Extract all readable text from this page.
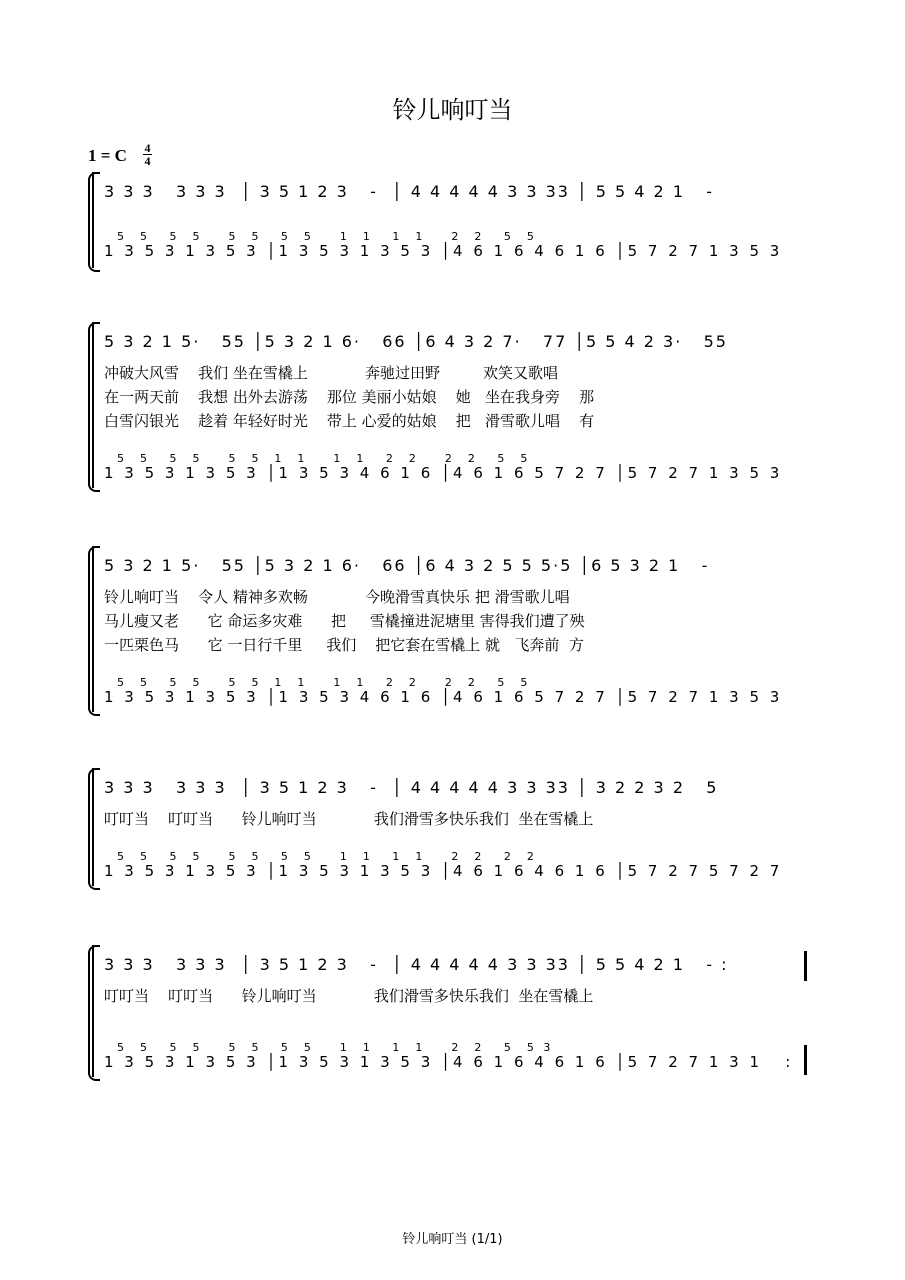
铃儿响叮当
1 = C 4
4
3 3 3   3 3 3  │ 3 5 1 2 3   -  │ 4 4 4 4 4 3 3 33 │ 5 5 4 2 1   -
5  5   5  5    5  5   5  5    1  1   1  1    2  2   5  5
1 3 5 3 1 3 5 3 │1 3 5 3 1 3 5 3 │4 6 1 6 4 6 1 6 │5 7 2 7 1 3 5 3
5 3 2 1 5·   55 │5 3 2 1 6·   66 │6 4 3 2 7·   77 │5 5 4 2 3·   55
冲破大风雪    我们 坐在雪橇上            奔驰过田野         欢笑又歌唱
在一两天前    我想 出外去游荡    那位 美丽小姑娘    她   坐在我身旁    那
白雪闪银光    趁着 年轻好时光    带上 心爱的姑娘    把   滑雪歌儿唱    有
5  5   5  5    5  5  1  1    1  1   2  2    2  2   5  5
1 3 5 3 1 3 5 3 │1 3 5 3 4 6 1 6 │4 6 1 6 5 7 2 7 │5 7 2 7 1 3 5 3
5 3 2 1 5·   55 │5 3 2 1 6·   66 │6 4 3 2 5 5 5·5 │6 5 3 2 1   -
铃儿响叮当    令人 精神多欢畅            今晚滑雪真快乐 把 滑雪歌儿唱
马儿瘦又老      它 命运多灾难      把     雪橇撞进泥塘里 害得我们遭了殃
一匹栗色马      它 一日行千里     我们    把它套在雪橇上 就   飞奔前  方
5  5   5  5    5  5  1  1    1  1   2  2    2  2   5  5
1 3 5 3 1 3 5 3 │1 3 5 3 4 6 1 6 │4 6 1 6 5 7 2 7 │5 7 2 7 1 3 5 3
3 3 3   3 3 3  │ 3 5 1 2 3   -  │ 4 4 4 4 4 3 3 33 │ 3 2 2 3 2   5
叮叮当    叮叮当      铃儿响叮当            我们滑雪多快乐我们  坐在雪橇上
5  5   5  5    5  5   5  5    1  1   1  1    2  2   2  2
1 3 5 3 1 3 5 3 │1 3 5 3 1 3 5 3 │4 6 1 6 4 6 1 6 │5 7 2 7 5 7 2 7
3 3 3   3 3 3  │ 3 5 1 2 3   -  │ 4 4 4 4 4 3 3 33 │ 5 5 4 2 1   - :
叮叮当    叮叮当      铃儿响叮当            我们滑雪多快乐我们  坐在雪橇上
5  5   5  5    5  5   5  5    1  1   1  1    2  2   5  5 3
1 3 5 3 1 3 5 3 │1 3 5 3 1 3 5 3 │4 6 1 6 4 6 1 6 │5 7 2 7 1 3 1   :
铃儿响叮当 (1/1)
